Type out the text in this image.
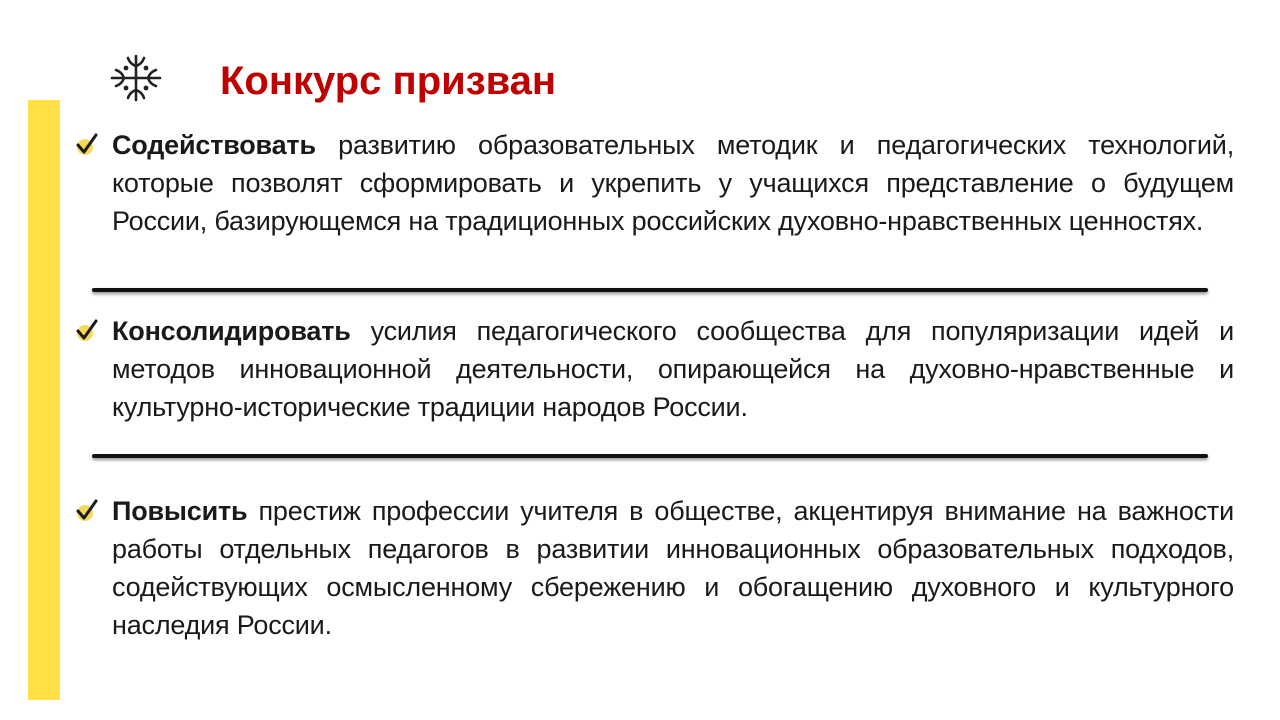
Конкурс призван

Содействовать развитию образовательных методик и педагогических технологий, которые позволят сформировать и укрепить у учащихся представление о будущем России, базирующемся на традиционных российских духовно-нравственных ценностях.

Консолидировать усилия педагогического сообщества для популяризации идей и методов инновационной деятельности, опирающейся на духовно-нравственные и культурно-исторические традиции народов России.

Повысить престиж профессии учителя в обществе, акцентируя внимание на важности работы отдельных педагогов в развитии инновационных образовательных подходов, содействующих осмысленному сбережению и обогащению духовного и культурного наследия России.
